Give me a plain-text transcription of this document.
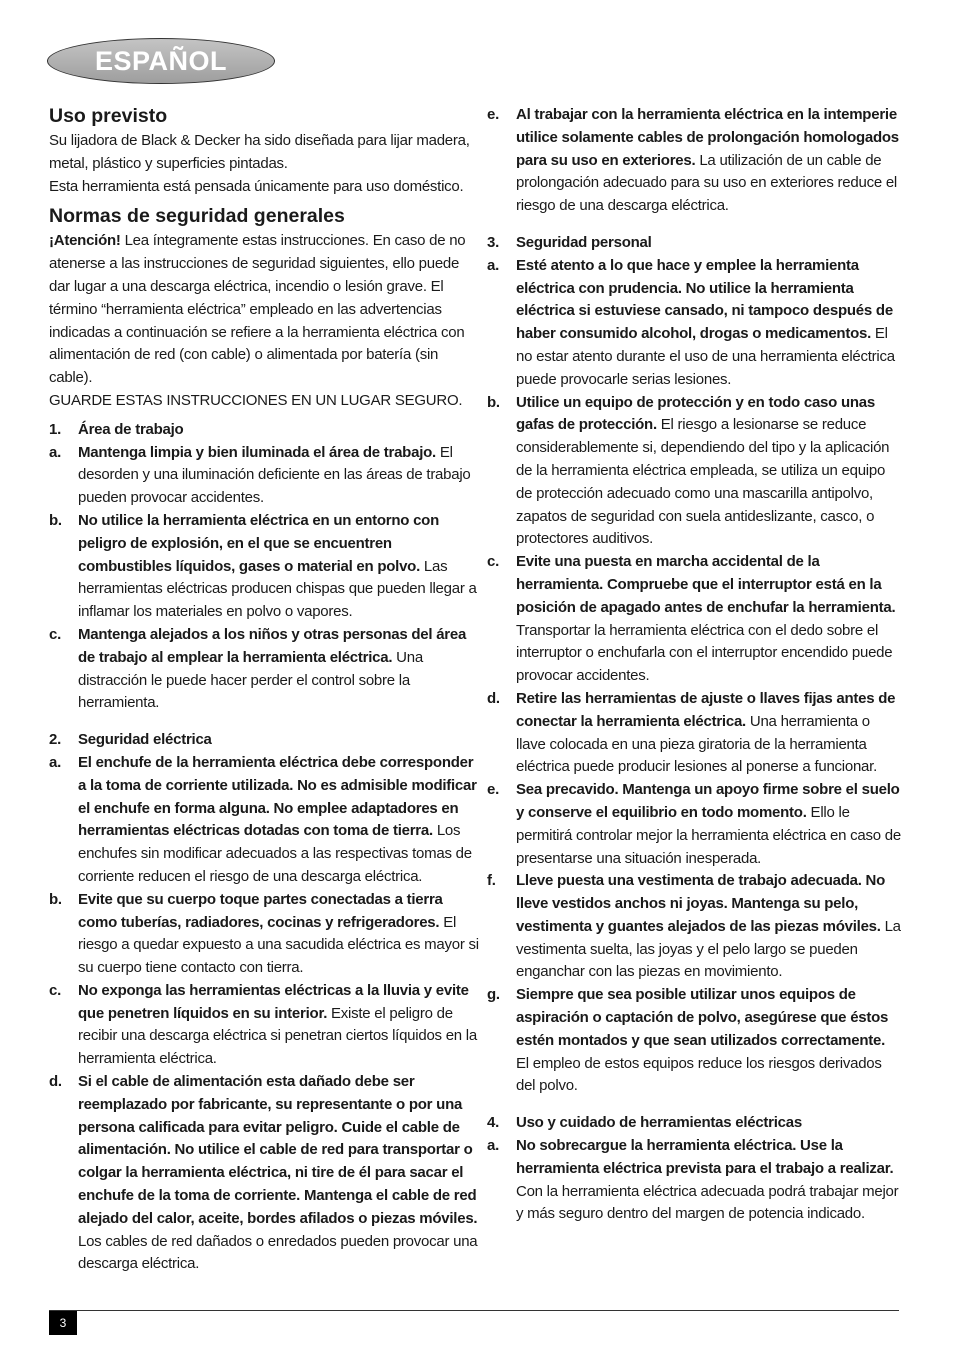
ESPAÑOL
Uso previsto

Su lijadora de Black & Decker ha sido diseñada para lijar madera, metal, plástico y superficies pintadas.

Esta herramienta está pensada únicamente para uso doméstico.

Normas de seguridad generales

¡Atención! Lea íntegramente estas instrucciones. En caso de no atenerse a las instrucciones de seguridad siguientes, ello puede dar lugar a una descarga eléctrica, incendio o lesión grave. El término “herramienta eléctrica” empleado en las advertencias indicadas a continuación se refiere a la herramienta eléctrica con alimentación de red (con cable) o alimentada por batería (sin cable).

GUARDE ESTAS INSTRUCCIONES EN UN LUGAR SEGURO.

1.	Área de trabajo
a.	Mantenga limpia y bien iluminada el área de trabajo. El desorden y una iluminación deficiente en las áreas de trabajo pueden provocar accidentes.
b.	No utilice la herramienta eléctrica en un entorno con peligro de explosión, en el que se encuentren combustibles líquidos, gases o material en polvo. Las herramientas eléctricas producen chispas que pueden llegar a inflamar los materiales en polvo o vapores.
c.	Mantenga alejados a los niños y otras personas del área de trabajo al emplear la herramienta eléctrica. Una distracción le puede hacer perder el control sobre la herramienta.
2.	Seguridad eléctrica
a.	El enchufe de la herramienta eléctrica debe corresponder a la toma de corriente utilizada. No es admisible modificar el enchufe en forma alguna. No emplee adaptadores en herramientas eléctricas dotadas con toma de tierra. Los enchufes sin modificar adecuados a las respectivas tomas de corriente reducen el riesgo de una descarga eléctrica.
b.	Evite que su cuerpo toque partes conectadas a tierra como tuberías, radiadores, cocinas y refrigeradores. El riesgo a quedar expuesto a una sacudida eléctrica es mayor si su cuerpo tiene contacto con tierra.
c.	No exponga las herramientas eléctricas a la lluvia y evite que penetren líquidos en su interior. Existe el peligro de recibir una descarga eléctrica si penetran ciertos líquidos en la herramienta eléctrica.
d.	Si el cable de alimentación esta dañado debe ser reemplazado por fabricante, su representante o por una persona calificada para evitar peligro. Cuide el cable de alimentación. No utilice el cable de red para transportar o colgar la herramienta eléctrica, ni tire de él para sacar el enchufe de la toma de corriente. Mantenga el cable de red alejado del calor, aceite, bordes afilados o piezas móviles. Los cables de red dañados o enredados pueden provocar una descarga eléctrica.
e.	Al trabajar con la herramienta eléctrica en la intemperie utilice solamente cables de prolongación homologados para su uso en exteriores. La utilización de un cable de prolongación adecuado para su uso en exteriores reduce el riesgo de una descarga eléctrica.
3.	Seguridad personal
a.	Esté atento a lo que hace y emplee la herramienta eléctrica con prudencia. No utilice la herramienta eléctrica si estuviese cansado, ni tampoco después de haber consumido alcohol, drogas o medicamentos. El no estar atento durante el uso de una herramienta eléctrica puede provocarle serias lesiones.
b.	Utilice un equipo de protección y en todo caso unas gafas de protección. El riesgo a lesionarse se reduce considerablemente si, dependiendo del tipo y la aplicación de la herramienta eléctrica empleada, se utiliza un equipo de protección adecuado como una mascarilla antipolvo, zapatos de seguridad con suela antideslizante, casco, o protectores auditivos.
c.	Evite una puesta en marcha accidental de la herramienta. Compruebe que el interruptor está en la posición de apagado antes de enchufar la herramienta. Transportar la herramienta eléctrica con el dedo sobre el interruptor o enchufarla con el interruptor encendido puede provocar accidentes.
d.	Retire las herramientas de ajuste o llaves fijas antes de conectar la herramienta eléctrica. Una herramienta o llave colocada en una pieza giratoria de la herramienta eléctrica puede producir lesiones al ponerse a funcionar.
e.	Sea precavido. Mantenga un apoyo firme sobre el suelo y conserve el equilibrio en todo momento. Ello le permitirá controlar mejor la herramienta eléctrica en caso de presentarse una situación inesperada.
f.	Lleve puesta una vestimenta de trabajo adecuada. No lleve vestidos anchos ni joyas. Mantenga su pelo, vestimenta y guantes alejados de las piezas móviles. La vestimenta suelta, las joyas y el pelo largo se pueden enganchar con las piezas en movimiento.
g.	Siempre que sea posible utilizar unos equipos de aspiración o captación de polvo, asegúrese que éstos estén montados y que sean utilizados correctamente. El empleo de estos equipos reduce los riesgos derivados del polvo.
4.	Uso y cuidado de herramientas eléctricas
a.	No sobrecargue la herramienta eléctrica. Use la herramienta eléctrica prevista para el trabajo a realizar. Con la herramienta eléctrica adecuada podrá trabajar mejor y más seguro dentro del margen de potencia indicado.
3
